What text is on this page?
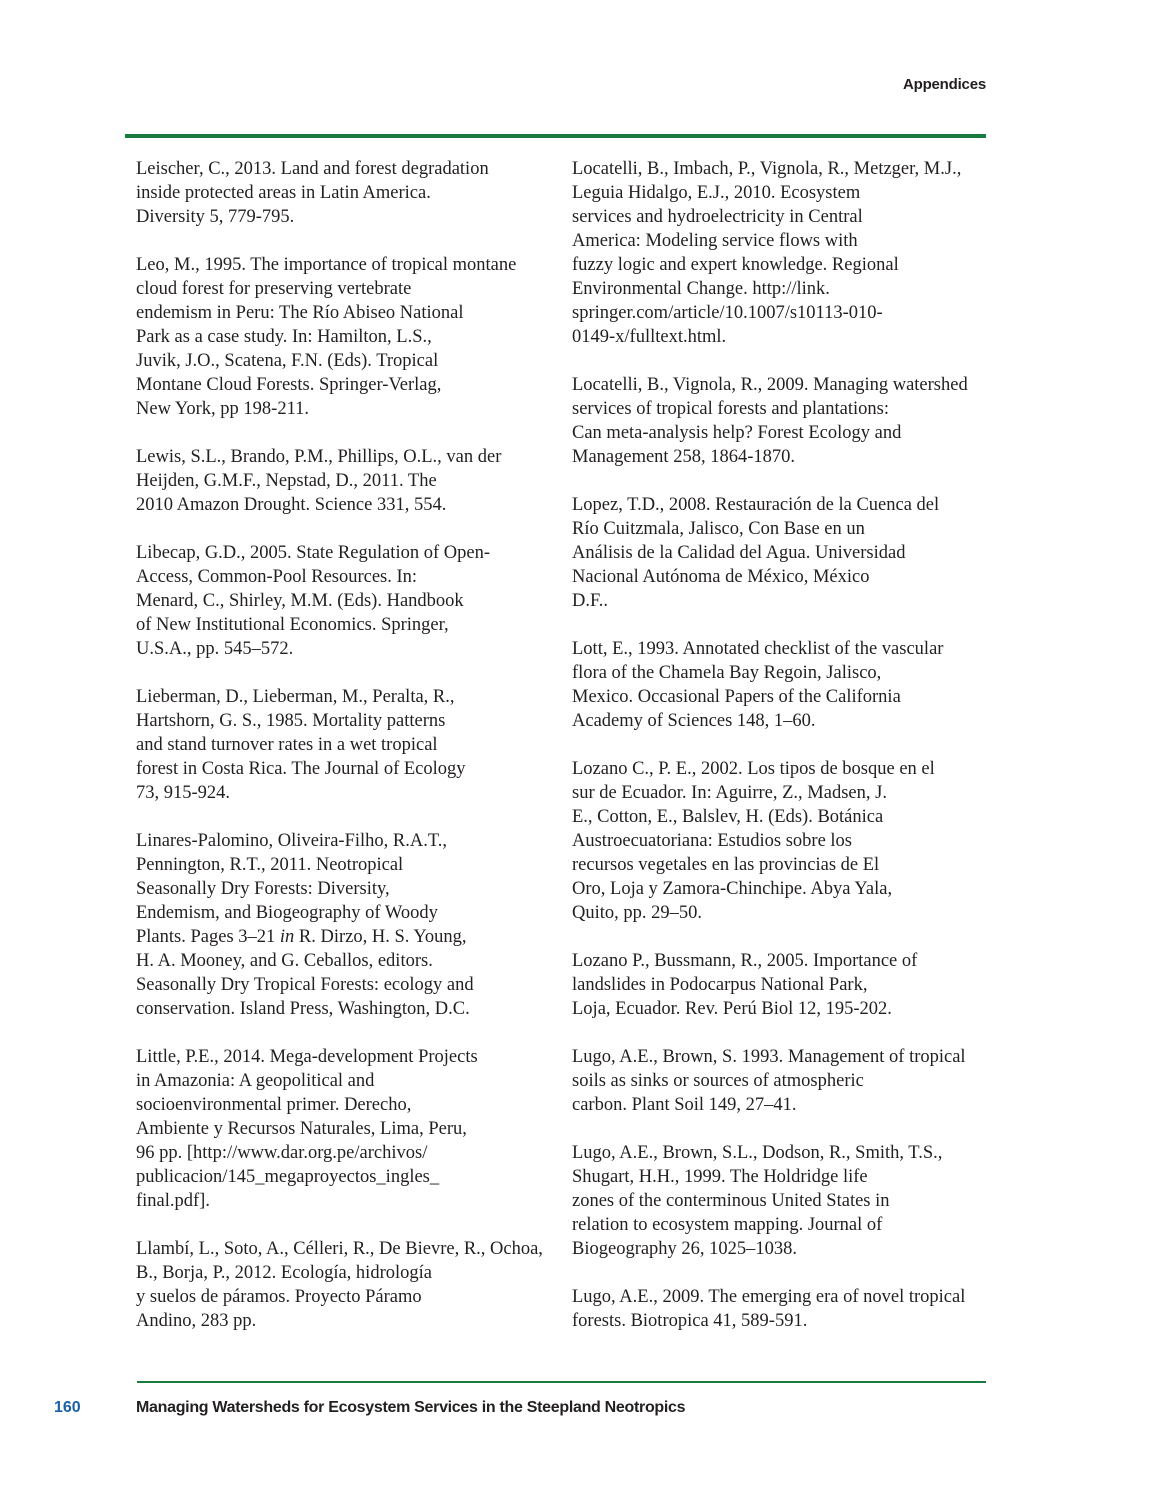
Appendices
Leischer, C., 2013. Land and forest degradation
inside protected areas in Latin America.
Diversity 5, 779-795.
Leo, M., 1995. The importance of tropical montane
cloud forest for preserving vertebrate
endemism in Peru: The Río Abiseo National
Park as a case study. In: Hamilton, L.S.,
Juvik, J.O., Scatena, F.N. (Eds). Tropical
Montane Cloud Forests. Springer-Verlag,
New York, pp 198-211.
Lewis, S.L., Brando, P.M., Phillips, O.L., van der
Heijden, G.M.F., Nepstad, D., 2011. The
2010 Amazon Drought. Science 331, 554.
Libecap, G.D., 2005. State Regulation of Open-
Access, Common-Pool Resources. In:
Menard, C., Shirley, M.M. (Eds). Handbook
of New Institutional Economics. Springer,
U.S.A., pp. 545–572.
Lieberman, D., Lieberman, M., Peralta, R.,
Hartshorn, G. S., 1985. Mortality patterns
and stand turnover rates in a wet tropical
forest in Costa Rica. The Journal of Ecology
73, 915-924.
Linares-Palomino, Oliveira-Filho, R.A.T.,
Pennington, R.T., 2011. Neotropical
Seasonally Dry Forests: Diversity,
Endemism, and Biogeography of Woody
Plants. Pages 3–21 in R. Dirzo, H. S. Young,
H. A. Mooney, and G. Ceballos, editors.
Seasonally Dry Tropical Forests: ecology and
conservation. Island Press, Washington, D.C.
Little, P.E., 2014. Mega-development Projects
in Amazonia: A geopolitical and
socioenvironmental primer. Derecho,
Ambiente y Recursos Naturales, Lima, Peru,
96 pp. [http://www.dar.org.pe/archivos/
publicacion/145_megaproyectos_ingles_
final.pdf].
Llambí, L., Soto, A., Célleri, R., De Bievre, R., Ochoa,
B., Borja, P., 2012. Ecología, hidrología
y suelos de páramos. Proyecto Páramo
Andino, 283 pp.
Locatelli, B., Imbach, P., Vignola, R., Metzger, M.J.,
Leguia Hidalgo, E.J., 2010. Ecosystem
services and hydroelectricity in Central
America: Modeling service flows with
fuzzy logic and expert knowledge. Regional
Environmental Change. http://link.
springer.com/article/10.1007/s10113-010-
0149-x/fulltext.html.
Locatelli, B., Vignola, R., 2009. Managing watershed
services of tropical forests and plantations:
Can meta-analysis help? Forest Ecology and
Management 258, 1864-1870.
Lopez, T.D., 2008. Restauración de la Cuenca del
Río Cuitzmala, Jalisco, Con Base en un
Análisis de la Calidad del Agua. Universidad
Nacional Autónoma de México, México
D.F..
Lott, E., 1993. Annotated checklist of the vascular
flora of the Chamela Bay Regoin, Jalisco,
Mexico. Occasional Papers of the California
Academy of Sciences 148, 1–60.
Lozano C., P. E., 2002. Los tipos de bosque en el
sur de Ecuador. In: Aguirre, Z., Madsen, J.
E., Cotton, E., Balslev, H. (Eds). Botánica
Austroecuatoriana: Estudios sobre los
recursos vegetales en las provincias de El
Oro, Loja y Zamora-Chinchipe. Abya Yala,
Quito, pp. 29–50.
Lozano P., Bussmann, R., 2005. Importance of
landslides in Podocarpus National Park,
Loja, Ecuador. Rev. Perú Biol 12, 195-202.
Lugo, A.E., Brown, S. 1993. Management of tropical
soils as sinks or sources of atmospheric
carbon. Plant Soil 149, 27–41.
Lugo, A.E., Brown, S.L., Dodson, R., Smith, T.S.,
Shugart, H.H., 1999. The Holdridge life
zones of the conterminous United States in
relation to ecosystem mapping. Journal of
Biogeography 26, 1025–1038.
Lugo, A.E., 2009. The emerging era of novel tropical
forests. Biotropica 41, 589-591.
160	Managing Watersheds for Ecosystem Services in the Steepland Neotropics
